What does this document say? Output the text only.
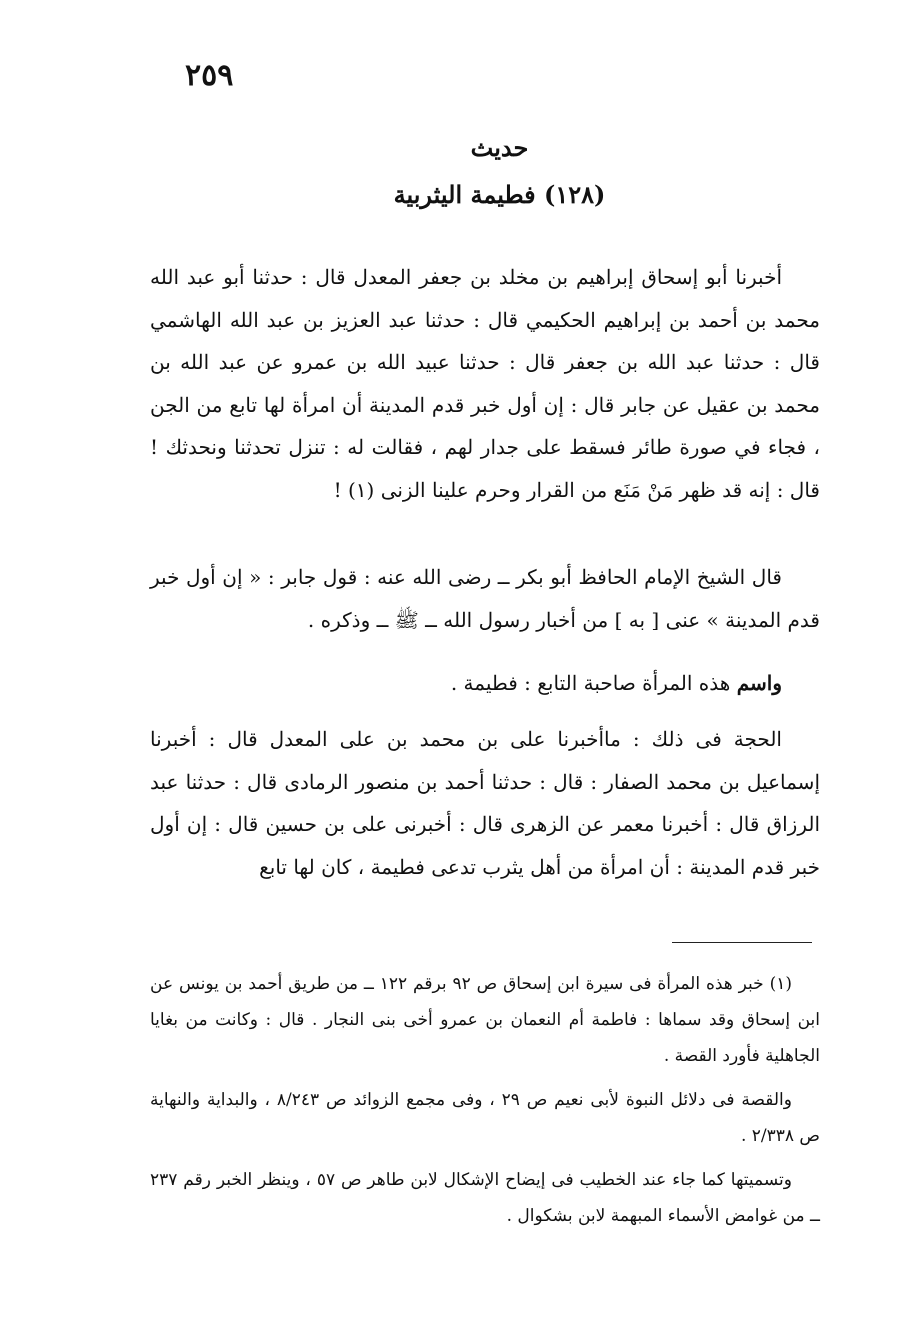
٢٥٩
حديث
(١٢٨) فطيمة اليثربية

أخبرنا أبو إسحاق إبراهيم بن مخلد بن جعفر المعدل قال : حدثنا أبو عبد الله محمد بن أحمد بن إبراهيم الحكيمي قال : حدثنا عبد العزيز بن عبد الله الهاشمي قال : حدثنا عبد الله بن جعفر قال : حدثنا عبيد الله بن عمرو عن عبد الله بن محمد بن عقيل عن جابر قال : إن أول خبر قدم المدينة أن امرأة لها تابع من الجن ، فجاء في صورة طائر فسقط على جدار لهم ، فقالت له : تنزل تحدثنا ونحدثك ! قال : إنه قد ظهر مَنْ مَنَع من القرار وحرم علينا الزنى (١) !

قال الشيخ الإمام الحافظ أبو بكر ــ رضى الله عنه : قول جابر : « إن أول خبر قدم المدينة » عنى [ به ] من أخبار رسول الله ــ ﷺ ــ وذكره .

واسم هذه المرأة صاحبة التابع : فطيمة .

الحجة فى ذلك : ماأخبرنا على بن محمد بن على المعدل قال : أخبرنا إسماعيل بن محمد الصفار : قال : حدثنا أحمد بن منصور الرمادى قال : حدثنا عبد الرزاق قال : أخبرنا معمر عن الزهرى قال : أخبرنى على بن حسين قال : إن أول خبر قدم المدينة : أن امرأة من أهل يثرب تدعى فطيمة ، كان لها تابع

(١) خبر هذه المرأة فى سيرة ابن إسحاق ص ٩٢ برقم ١٢٢ ــ من طريق أحمد بن يونس عن ابن إسحاق وقد سماها : فاطمة أم النعمان بن عمرو أخى بنى النجار . قال : وكانت من بغايا الجاهلية فأورد القصة .

والقصة فى دلائل النبوة لأبى نعيم ص ٢٩ ، وفى مجمع الزوائد ص ٨/٢٤٣ ، والبداية والنهاية ص ٢/٣٣٨ .

وتسميتها كما جاء عند الخطيب فى إيضاح الإشكال لابن طاهر ص ٥٧ ، وينظر الخبر رقم ٢٣٧ ــ من غوامض الأسماء المبهمة لابن بشكوال .
